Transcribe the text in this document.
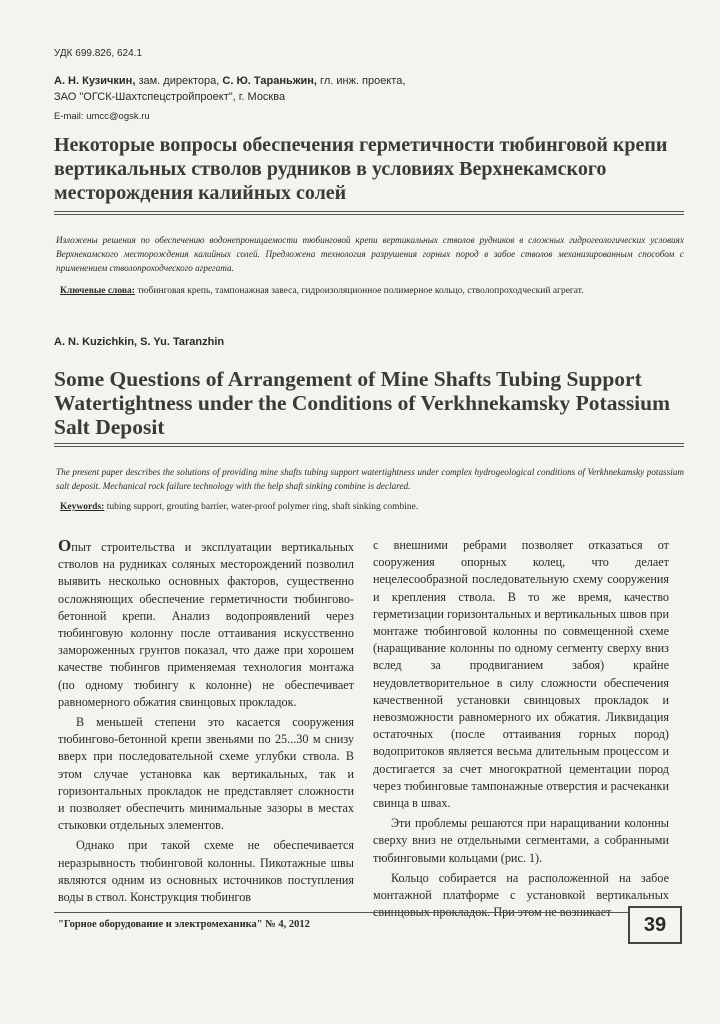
УДК 699.826, 624.1
А. Н. Кузичкин, зам. директора, С. Ю. Тараньжин, гл. инж. проекта,
ЗАО "ОГСК-Шахтспецстройпроект", г. Москва
E-mail: umcc@ogsk.ru
Некоторые вопросы обеспечения герметичности тюбинговой крепи вертикальных стволов рудников в условиях Верхнекамского месторождения калийных солей

Изложены решения по обеспечению водонепроницаемости тюбинговой крепи вертикальных стволов рудников в сложных гидрогеологических условиях Верхнекамского месторождения калийных солей. Предложена технология разрушения горных пород в забое стволов механизированным способом с применением стволопроходческого агрегата.

Ключевые слова: тюбинговая крепь, тампонажная завеса, гидроизоляционное полимерное кольцо, стволопроходческий агрегат.

A. N. Kuzichkin, S. Yu. Taranzhin
Some Questions of Arrangement of Mine Shafts Tubing Support Watertightness under the Conditions of Verkhnekamsky Potassium Salt Deposit

The present paper describes the solutions of providing mine shafts tubing support watertightness under complex hydrogeological conditions of Verkhnekamsky potassium salt deposit. Mechanical rock failure technology with the help shaft sinking combine is declared.

Keywords: tubing support, grouting barrier, water-proof polymer ring, shaft sinking combine.

Опыт строительства и эксплуатации вертикальных стволов на рудниках соляных месторождений позволил выявить несколько основных факторов, существенно осложняющих обеспечение герметичности тюбингово-бетонной крепи. Анализ водопроявлений через тюбинговую колонну после оттаивания искусственно замороженных грунтов показал, что даже при хорошем качестве тюбингов применяемая технология монтажа (по одному тюбингу к колонне) не обеспечивает равномерного обжатия свинцовых прокладок.

В меньшей степени это касается сооружения тюбингово-бетонной крепи звеньями по 25...30 м снизу вверх при последовательной схеме углубки ствола. В этом случае установка как вертикальных, так и горизонтальных прокладок не представляет сложности и позволяет обеспечить минимальные зазоры в местах стыковки отдельных элементов.

Однако при такой схеме не обеспечивается неразрывность тюбинговой колонны. Пикотажные швы являются одним из основных источников поступления воды в ствол. Конструкция тюбингов

с внешними ребрами позволяет отказаться от сооружения опорных колец, что делает нецелесообразной последовательную схему сооружения и крепления ствола. В то же время, качество герметизации горизонтальных и вертикальных швов при монтаже тюбинговой колонны по совмещенной схеме (наращивание колонны по одному сегменту сверху вниз вслед за продвиганием забоя) крайне неудовлетворительное в силу сложности обеспечения качественной установки свинцовых прокладок и невозможности равномерного их обжатия. Ликвидация остаточных (после оттаивания горных пород) водопритоков является весьма длительным процессом и достигается за счет многократной цементации пород через тюбинговые тампонажные отверстия и расчеканки свинца в швах.

Эти проблемы решаются при наращивании колонны сверху вниз не отдельными сегментами, а собранными тюбинговыми кольцами (рис. 1).

Кольцо собирается на расположенной на забое монтажной платформе с установкой вертикальных свинцовых прокладок. При этом не возникает

"Горное оборудование и электромеханика" № 4, 2012	39
